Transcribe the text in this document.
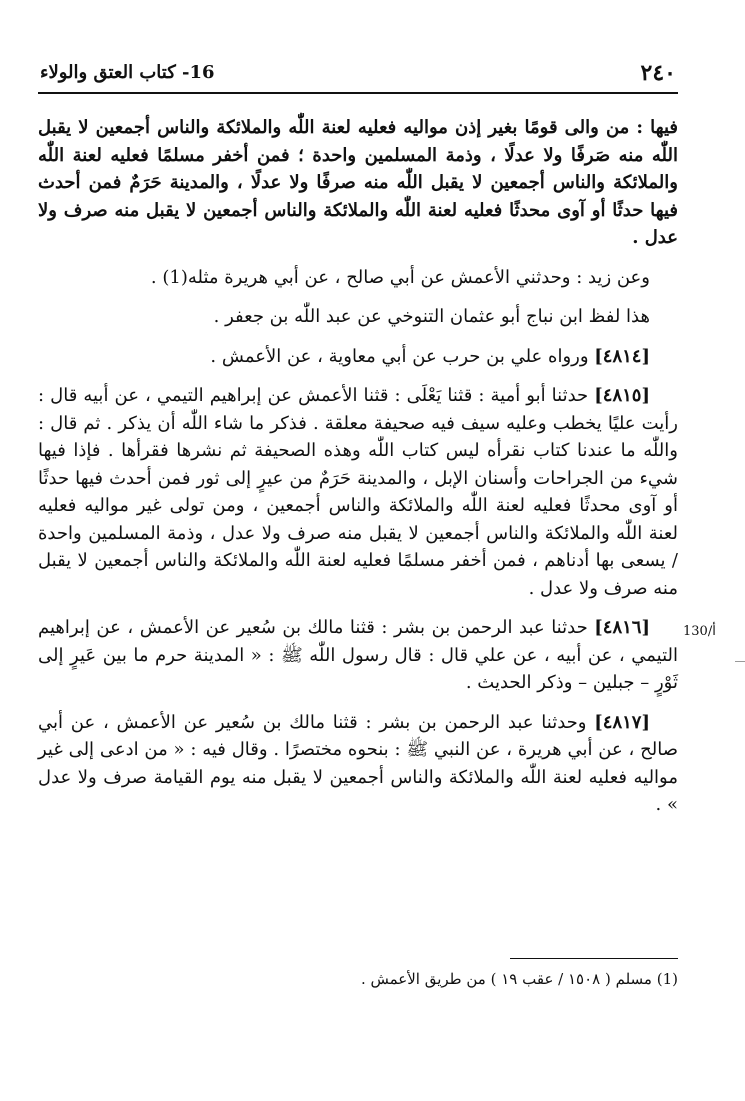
٢٤٠
16- كتاب العتق والولاء

فيها : من والى قومًا بغير إذن مواليه فعليه لعنة اللّٰه والملائكة والناس أجمعين لا يقبل اللّٰه منه صَرفًا ولا عدلًا ، وذمة المسلمين واحدة ؛ فمن أخفر مسلمًا فعليه لعنة اللّٰه والملائكة والناس أجمعين لا يقبل اللّٰه منه صرفًا ولا عدلًا ، والمدينة حَرَمٌ فمن أحدث فيها حدثًا أو آوى محدثًا فعليه لعنة اللّٰه والملائكة والناس أجمعين لا يقبل منه صرف ولا عدل .

وعن زيد : وحدثني الأعمش عن أبي صالح ، عن أبي هريرة مثله(1) .

هذا لفظ ابن نباج أبو عثمان التنوخي عن عبد اللّٰه بن جعفر .

[٤٨١٤] ورواه علي بن حرب عن أبي معاوية ، عن الأعمش .

[٤٨١٥] حدثنا أبو أمية : قثنا يَعْلَى : قثنا الأعمش عن إبراهيم التيمي ، عن أبيه قال : رأيت عليًا يخطب وعليه سيف فيه صحيفة معلقة . فذكر ما شاء اللّٰه أن يذكر . ثم قال : واللّٰه ما عندنا كتاب نقرأه ليس كتاب اللّٰه وهذه الصحيفة ثم نشرها فقرأها . فإذا فيها شيء من الجراحات وأسنان الإبل ، والمدينة حَرَمٌ من عيرٍ إلى ثور فمن أحدث فيها حدثًا أو آوى محدثًا فعليه لعنة اللّٰه والملائكة والناس أجمعين ، ومن تولى غير مواليه فعليه لعنة اللّٰه والملائكة والناس أجمعين لا يقبل منه صرف ولا عدل ، وذمة المسلمين واحدة / يسعى بها أدناهم ، فمن أخفر مسلمًا فعليه لعنة اللّٰه والملائكة والناس أجمعين لا يقبل منه صرف ولا عدل .

[٤٨١٦] حدثنا عبد الرحمن بن بشر : قثنا مالك بن سُعير عن الأعمش ، عن إبراهيم التيمي ، عن أبيه ، عن علي قال : قال رسول اللّٰه ﷺ : « المدينة حرم ما بين عَيرٍ إلى ثَوْرٍ – جبلين – وذكر الحديث .

[٤٨١٧] وحدثنا عبد الرحمن بن بشر : قثنا مالك بن سُعير عن الأعمش ، عن أبي صالح ، عن أبي هريرة ، عن النبي ﷺ : بنحوه مختصرًا . وقال فيه : « من ادعى إلى غير مواليه فعليه لعنة اللّٰه والملائكة والناس أجمعين لا يقبل منه يوم القيامة صرف ولا عدل » .

130/أ
(1) مسلم ( ١٥٠٨ / عقب ١٩ ) من طريق الأعمش .
